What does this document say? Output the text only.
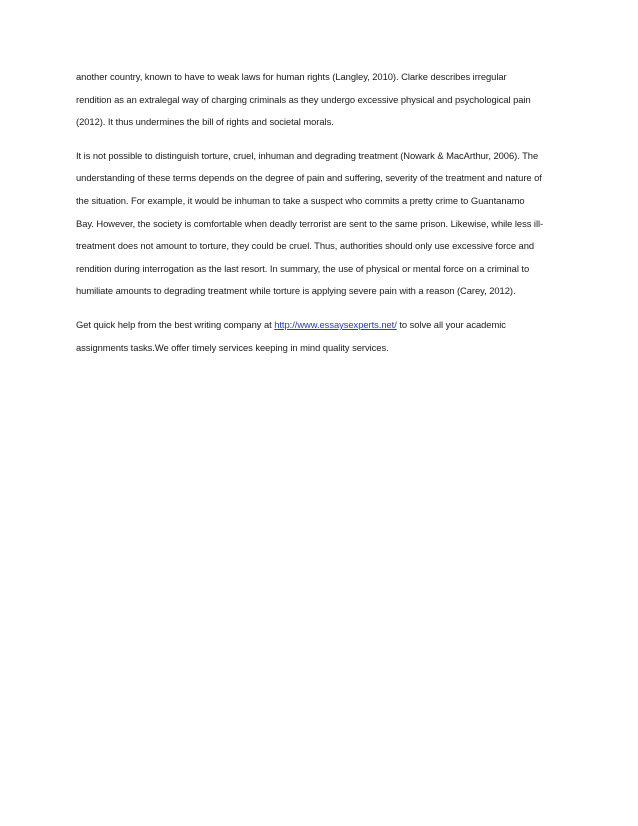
another country, known to have to weak laws for human rights (Langley, 2010). Clarke describes irregular
rendition as an extralegal way of charging criminals as they undergo excessive physical and psychological pain
(2012). It thus undermines the bill of rights and societal morals.
It is not possible to distinguish torture, cruel, inhuman and degrading treatment (Nowark & MacArthur, 2006). The
understanding of these terms depends on the degree of pain and suffering, severity of the treatment and nature of
the situation. For example, it would be inhuman to take a suspect who commits a pretty crime to Guantanamo
Bay. However, the society is comfortable when deadly terrorist are sent to the same prison. Likewise, while less ill-
treatment does not amount to torture, they could be cruel. Thus, authorities should only use excessive force and
rendition during interrogation as the last resort. In summary, the use of physical or mental force on a criminal to
humiliate amounts to degrading treatment while torture is applying severe pain with a reason (Carey, 2012).
Get quick help from the best writing company at http://www.essaysexperts.net/ to solve all your academic
assignments tasks.We offer timely services keeping in mind quality services.
